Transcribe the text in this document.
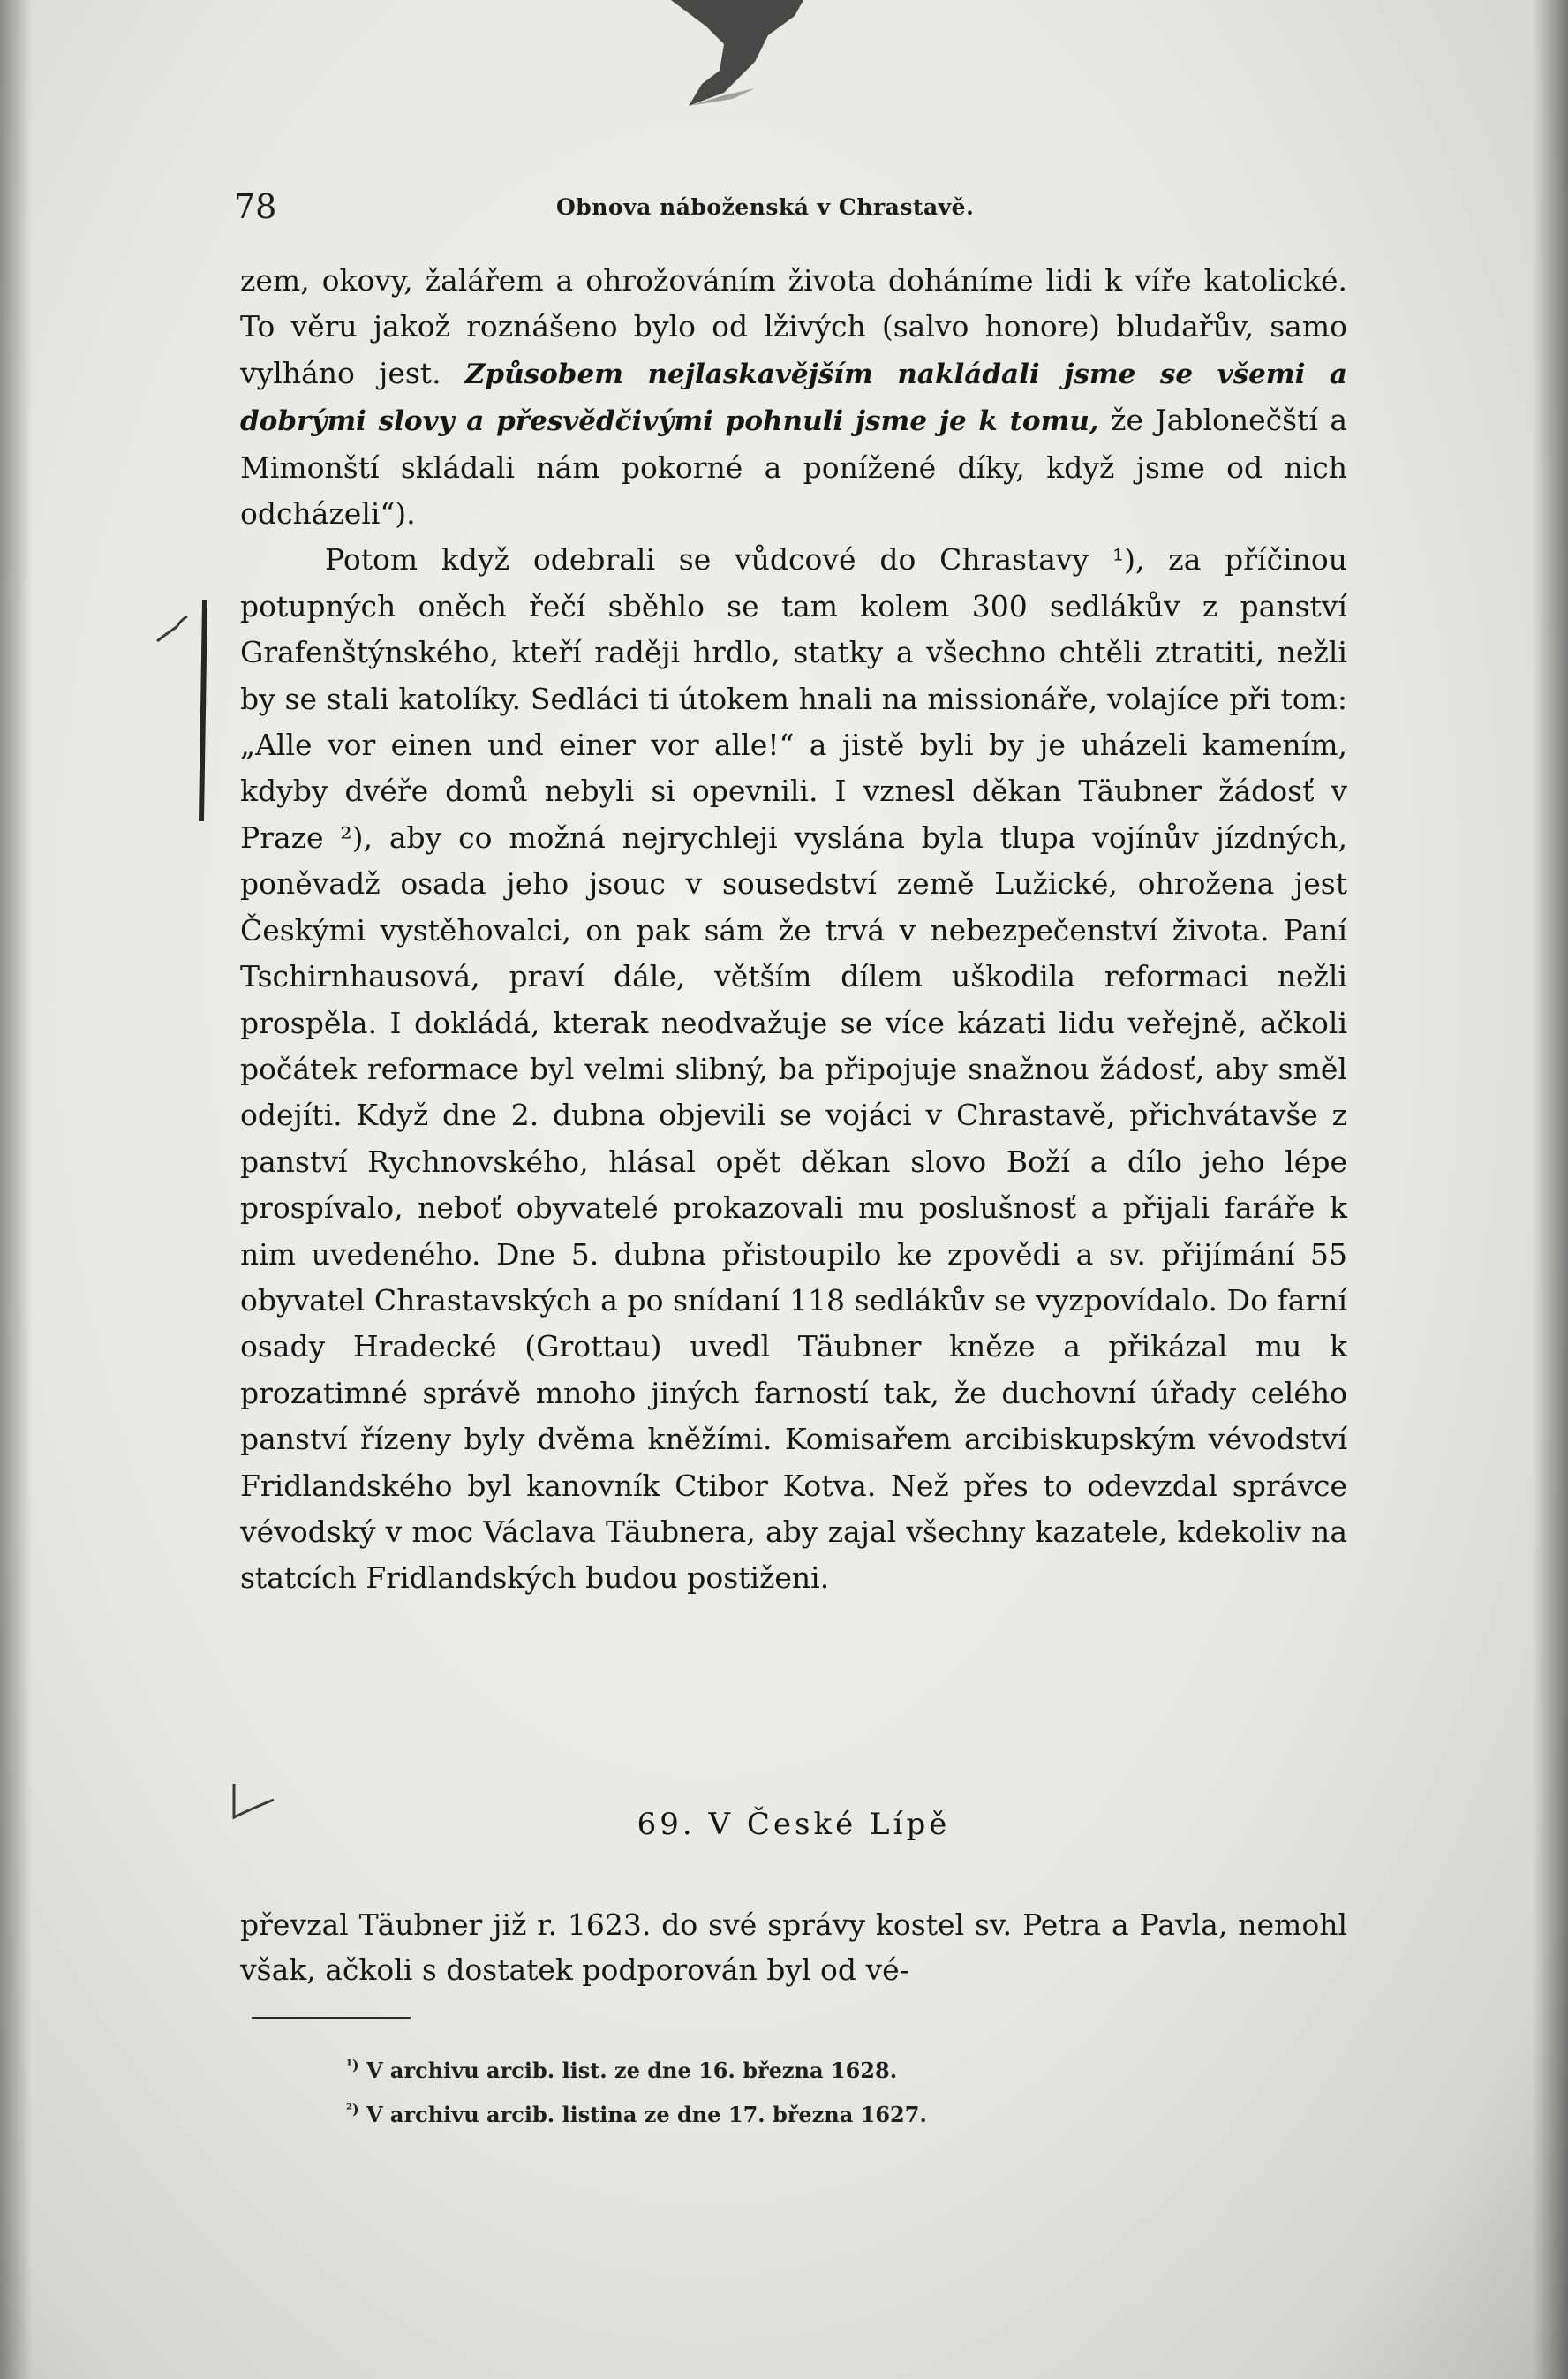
78	Obnova náboženská v Chrastavě.

zem, okovy, žalářem a ohrožováním života doháníme lidi k víře katolické. To věru jakož roznášeno bylo od lživých (salvo honore) bludařův, samo vylháno jest. Způsobem nejlaskavějším nakládali jsme se všemi a dobrými slovy a přesvědčivými pohnuli jsme je k tomu, že Jablonečští a Mimonští skládali nám pokorné a ponížené díky, když jsme od nich odcházeli“).

Potom když odebrali se vůdcové do Chrastavy ¹), za příčinou potupných oněch řečí sběhlo se tam kolem 300 sedlákův z panství Grafenštýnského, kteří raději hrdlo, statky a všechno chtěli ztratiti, nežli by se stali katolíky. Sedláci ti útokem hnali na missionáře, volajíce při tom: „Alle vor einen und einer vor alle!“ a jistě byli by je uházeli kamením, kdyby dvéře domů nebyli si opevnili. I vznesl děkan Täubner žádosť v Praze ²), aby co možná nejrychleji vyslána byla tlupa vojínův jízdných, poněvadž osada jeho jsouc v sousedství země Lužické, ohrožena jest Českými vystěhovalci, on pak sám že trvá v nebezpečenství života. Paní Tschirnhausová, praví dále, větším dílem uškodila reformaci nežli prospěla. I dokládá, kterak neodvažuje se více kázati lidu veřejně, ačkoli počátek reformace byl velmi slibný, ba připojuje snažnou žádosť, aby směl odejíti. Když dne 2. dubna objevili se vojáci v Chrastavě, přichvátavše z panství Rychnovského, hlásal opět děkan slovo Boží a dílo jeho lépe prospívalo, neboť obyvatelé prokazovali mu poslušnosť a přijali faráře k nim uvedeného. Dne 5. dubna přistoupilo ke zpovědi a sv. přijímání 55 obyvatel Chrastavských a po snídaní 118 sedlákův se vyzpovídalo. Do farní osady Hradecké (Grottau) uvedl Täubner kněze a přikázal mu k prozatimné správě mnoho jiných farností tak, že duchovní úřady celého panství řízeny byly dvěma kněžími. Komisařem arcibiskupským vévodství Fridlandského byl kanovník Ctibor Kotva. Než přes to odevzdal správce vévodský v moc Václava Täubnera, aby zajal všechny kazatele, kdekoliv na statcích Fridlandských budou postiženi.

69. V České Lípě
převzal Täubner již r. 1623. do své správy kostel sv. Petra a Pavla, nemohl však, ačkoli s dostatek podporován byl od vé-
$^{^1)}$ V archivu arcib. list. ze dne 16. března 1628.
$^{^2)}$ V archivu arcib. listina ze dne 17. března 1627.
